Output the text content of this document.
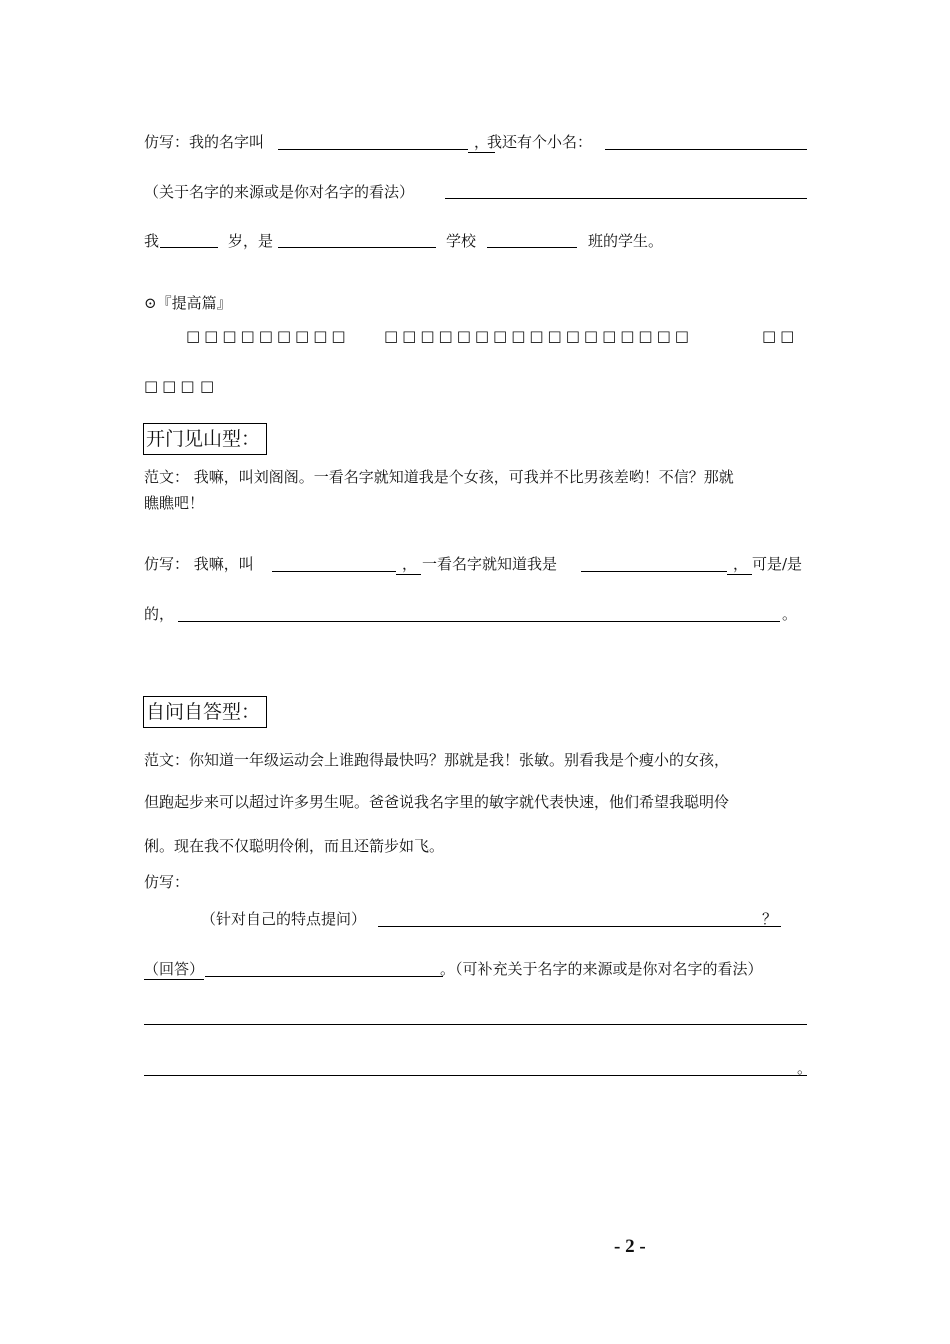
仿写：我的名字叫	，
我还有个小名：
（关于名字的来源或是你对名字的看法）
我	岁，是	学校	班的学生。
⊙『提高篇』
□□□□□□□□□ □□□□□□□□□□□□□□□□□	□□
□□□ □
开门见山型：
范文： 我嘛，叫刘阁阁。一看名字就知道我是个女孩，可我并不比男孩差哟！不信？那就
瞧瞧吧！
仿写： 我嘛，叫	， 一看名字就知道我是	， 可是/是
的，	。
自问自答型：
范文：你知道一年级运动会上谁跑得最快吗？那就是我！张敏。别看我是个瘦小的女孩，
但跑起步来可以超过许多男生呢。爸爸说我名字里的敏字就代表快速，他们希望我聪明伶
俐。现在我不仅聪明伶俐，而且还箭步如飞。
仿写：
（针对自己的特点提问）	？
（回答）	。（可补充关于名字的来源或是你对名字的看法）
。
- 2 -
